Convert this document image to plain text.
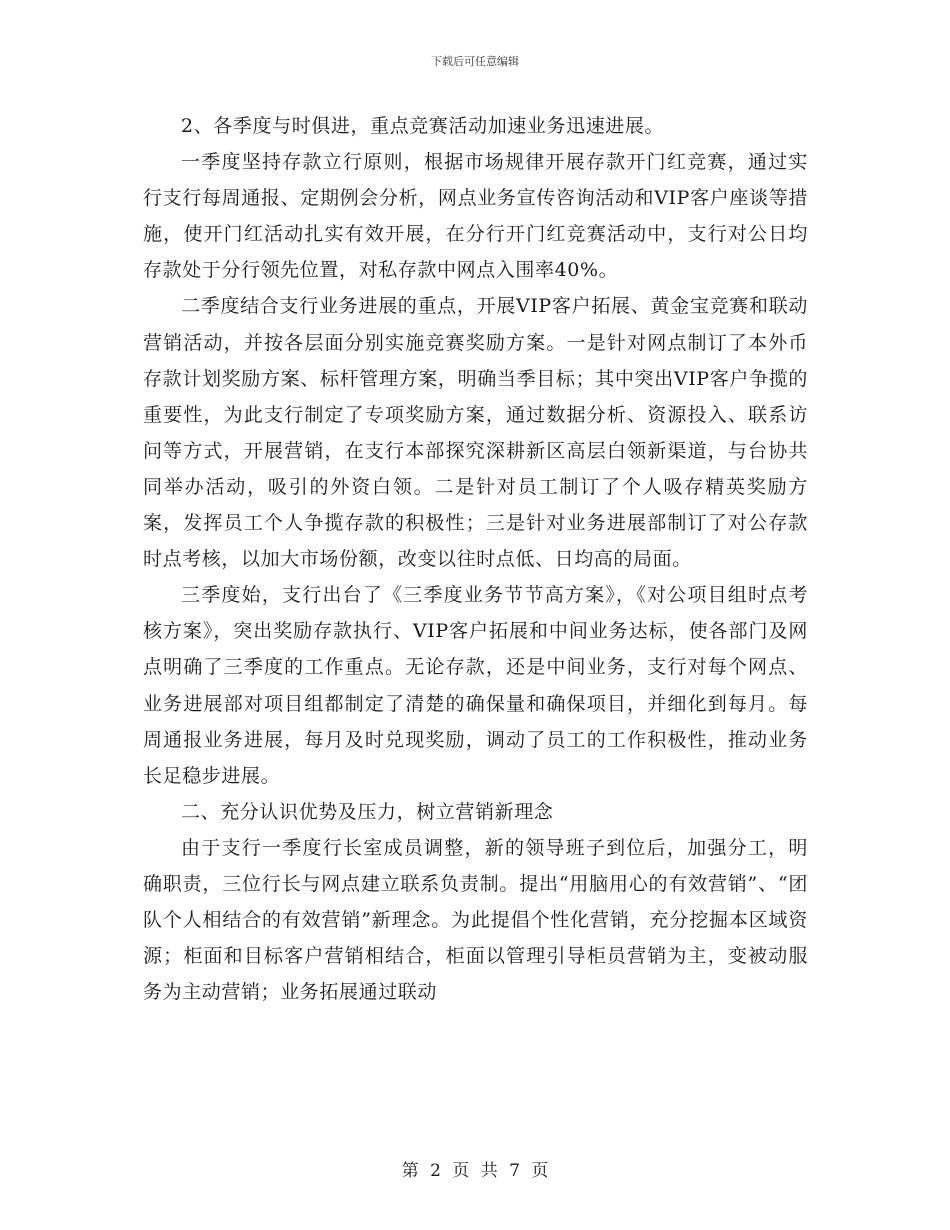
下载后可任意编辑

2、各季度与时俱进，重点竞赛活动加速业务迅速进展。

一季度坚持存款立行原则，根据市场规律开展存款开门红竞赛，通过实行支行每周通报、定期例会分析，网点业务宣传咨询活动和VIP客户座谈等措施，使开门红活动扎实有效开展，在分行开门红竞赛活动中，支行对公日均存款处于分行领先位置，对私存款中网点入围率40%。

二季度结合支行业务进展的重点，开展VIP客户拓展、黄金宝竞赛和联动营销活动，并按各层面分别实施竞赛奖励方案。一是针对网点制订了本外币存款计划奖励方案、标杆管理方案，明确当季目标；其中突出VIP客户争揽的重要性，为此支行制定了专项奖励方案，通过数据分析、资源投入、联系访问等方式，开展营销，在支行本部探究深耕新区高层白领新渠道，与台协共同举办活动，吸引的外资白领。二是针对员工制订了个人吸存精英奖励方案，发挥员工个人争揽存款的积极性；三是针对业务进展部制订了对公存款时点考核，以加大市场份额，改变以往时点低、日均高的局面。

三季度始，支行出台了《三季度业务节节高方案》，《对公项目组时点考核方案》，突出奖励存款执行、VIP客户拓展和中间业务达标，使各部门及网点明确了三季度的工作重点。无论存款，还是中间业务，支行对每个网点、业务进展部对项目组都制定了清楚的确保量和确保项目，并细化到每月。每周通报业务进展，每月及时兑现奖励，调动了员工的工作积极性，推动业务长足稳步进展。

二、充分认识优势及压力，树立营销新理念

由于支行一季度行长室成员调整，新的领导班子到位后，加强分工，明确职责，三位行长与网点建立联系负责制。提出“用脑用心的有效营销”、“团队个人相结合的有效营销”新理念。为此提倡个性化营销，充分挖掘本区域资源；柜面和目标客户营销相结合，柜面以管理引导柜员营销为主，变被动服务为主动营销；业务拓展通过联动

第 2 页 共 7 页
